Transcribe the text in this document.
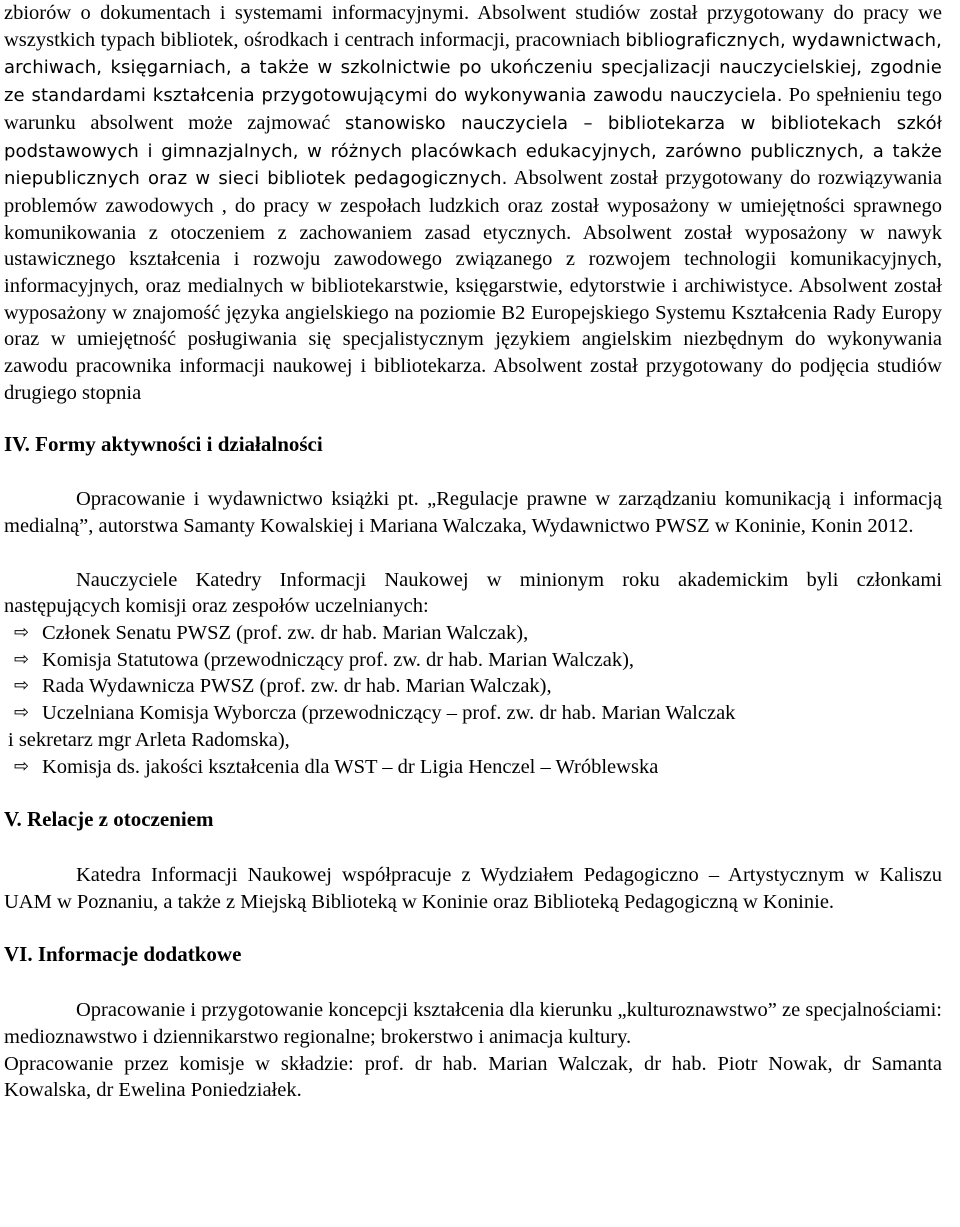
zbiorów o dokumentach i systemami informacyjnymi. Absolwent studiów został przygotowany do pracy we wszystkich typach bibliotek, ośrodkach i centrach informacji, pracowniach bibliograficznych, wydawnictwach, archiwach, księgarniach, a także w szkolnictwie po ukończeniu specjalizacji nauczycielskiej, zgodnie ze standardami kształcenia przygotowującymi do wykonywania zawodu nauczyciela. Po spełnieniu tego warunku absolwent może zajmować stanowisko nauczyciela – bibliotekarza w bibliotekach szkół podstawowych i gimnazjalnych, w różnych placówkach edukacyjnych, zarówno publicznych, a także niepublicznych oraz w sieci bibliotek pedagogicznych. Absolwent został przygotowany do rozwiązywania problemów zawodowych , do pracy w zespołach ludzkich oraz został wyposażony w umiejętności sprawnego komunikowania z otoczeniem z zachowaniem zasad etycznych. Absolwent został wyposażony w nawyk ustawicznego kształcenia i rozwoju zawodowego związanego z rozwojem technologii komunikacyjnych, informacyjnych, oraz medialnych w bibliotekarstwie, księgarstwie, edytorstwie i archiwistyce. Absolwent został wyposażony w znajomość języka angielskiego na poziomie B2 Europejskiego Systemu Kształcenia Rady Europy oraz w umiejętność posługiwania się specjalistycznym językiem angielskim niezbędnym do wykonywania zawodu pracownika informacji naukowej i bibliotekarza. Absolwent został przygotowany do podjęcia studiów drugiego stopnia

IV. Formy aktywności i działalności

Opracowanie i wydawnictwo książki pt. „Regulacje prawne w zarządzaniu komunikacją i informacją medialną”, autorstwa Samanty Kowalskiej i Mariana Walczaka, Wydawnictwo PWSZ w Koninie, Konin 2012.

Nauczyciele Katedry Informacji Naukowej w minionym roku akademickim byli członkami następujących komisji oraz zespołów uczelnianych:

⇨ Członek Senatu PWSZ (prof. zw. dr hab. Marian Walczak),
⇨ Komisja Statutowa (przewodniczący prof. zw. dr hab. Marian Walczak),
⇨ Rada Wydawnicza PWSZ (prof. zw. dr hab. Marian Walczak),
⇨ Uczelniana Komisja Wyborcza (przewodniczący – prof. zw. dr hab. Marian Walczak

i sekretarz mgr Arleta Radomska),

⇨ Komisja ds. jakości kształcenia dla WST – dr Ligia Henczel – Wróblewska
V. Relacje z otoczeniem

Katedra Informacji Naukowej współpracuje z Wydziałem Pedagogiczno – Artystycznym w Kaliszu UAM w Poznaniu, a także z Miejską Biblioteką w Koninie oraz Biblioteką Pedagogiczną w Koninie.

VI. Informacje dodatkowe

Opracowanie i przygotowanie koncepcji kształcenia dla kierunku „kulturoznawstwo” ze specjalnościami: medioznawstwo i dziennikarstwo regionalne; brokerstwo i animacja kultury.

Opracowanie przez komisje w składzie: prof. dr hab. Marian Walczak, dr hab. Piotr Nowak, dr Samanta Kowalska, dr Ewelina Poniedziałek.
